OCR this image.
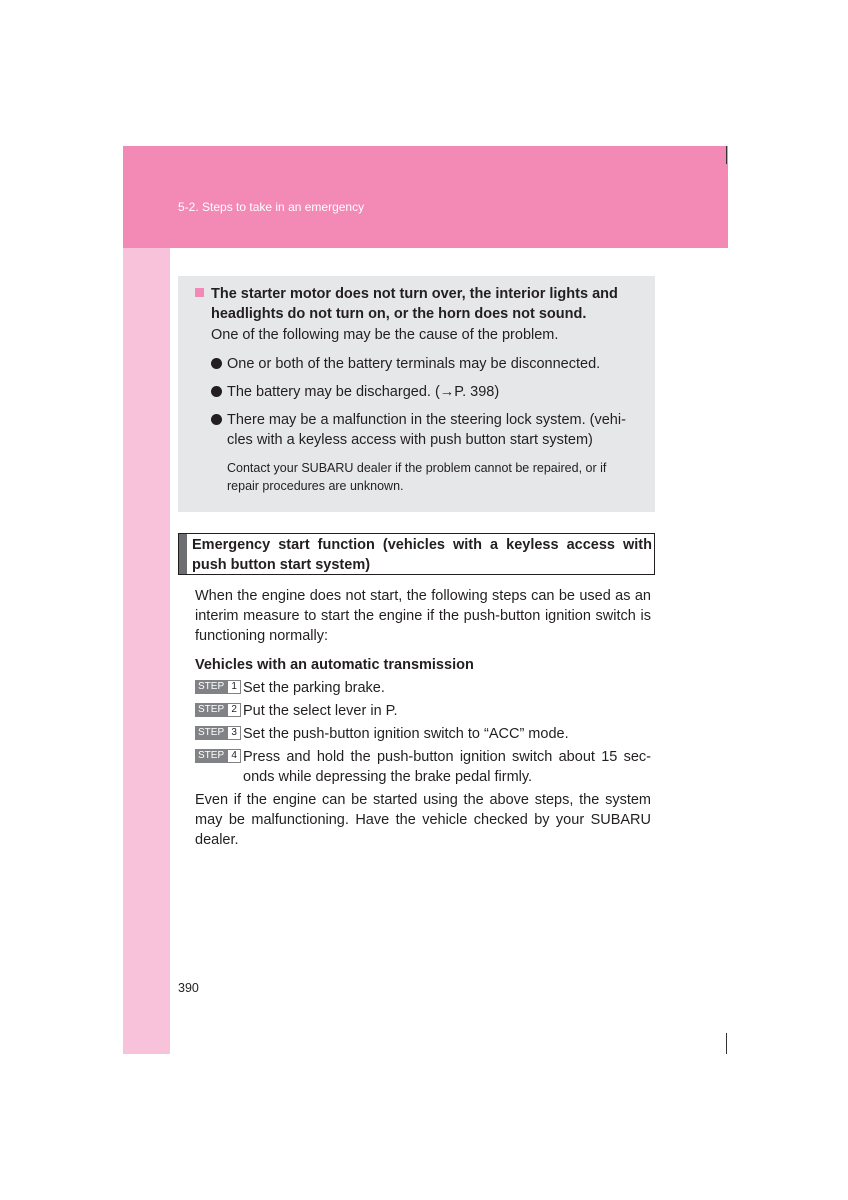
5-2. Steps to take in an emergency
The starter motor does not turn over, the interior lights and headlights do not turn on, or the horn does not sound.
One of the following may be the cause of the problem.
One or both of the battery terminals may be disconnected.
The battery may be discharged. (→P. 398)
There may be a malfunction in the steering lock system. (vehi- cles with a keyless access with push button start system)
Contact your SUBARU dealer if the problem cannot be repaired, or if repair procedures are unknown.
Emergency start function (vehicles with a keyless access with push button start system)
When the engine does not start, the following steps can be used as an interim measure to start the engine if the push-button ignition switch is functioning normally:
Vehicles with an automatic transmission
STEP 1 Set the parking brake.
STEP 2 Put the select lever in P.
STEP 3 Set the push-button ignition switch to “ACC” mode.
STEP 4 Press and hold the push-button ignition switch about 15 sec- onds while depressing the brake pedal firmly.
Even if the engine can be started using the above steps, the system may be malfunctioning. Have the vehicle checked by your SUBARU dealer.
390
